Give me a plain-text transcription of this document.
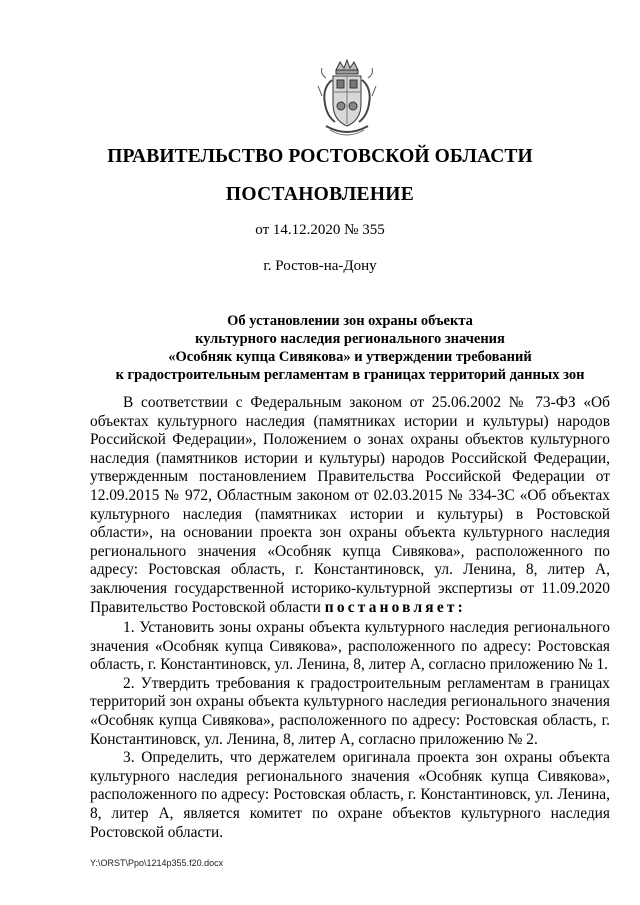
ПРАВИТЕЛЬСТВО РОСТОВСКОЙ ОБЛАСТИ
ПОСТАНОВЛЕНИЕ
от 14.12.2020 № 355
г. Ростов-на-Дону
Об установлении зон охраны объекта
культурного наследия регионального значения
«Особняк купца Сивякова» и утверждении требований
к градостроительным регламентам в границах территорий данных зон

В соответствии с Федеральным законом от 25.06.2002 № 73-ФЗ «Об объектах культурного наследия (памятниках истории и культуры) народов Российской Федерации», Положением о зонах охраны объектов культурного наследия (памятников истории и культуры) народов Российской Федерации, утвержденным постановлением Правительства Российской Федерации от 12.09.2015 № 972, Областным законом от 02.03.2015 № 334-ЗС «Об объектах культурного наследия (памятниках истории и культуры) в Ростовской области», на основании проекта зон охраны объекта культурного наследия регионального значения «Особняк купца Сивякова», расположенного по адресу: Ростовская область, г. Константиновск, ул. Ленина, 8, литер А, заключения государственной историко-культурной экспертизы от 11.09.2020 Правительство Ростовской области постановляет:

1. Установить зоны охраны объекта культурного наследия регионального значения «Особняк купца Сивякова», расположенного по адресу: Ростовская область, г. Константиновск, ул. Ленина, 8, литер А, согласно приложению № 1.

2. Утвердить требования к градостроительным регламентам в границах территорий зон охраны объекта культурного наследия регионального значения «Особняк купца Сивякова», расположенного по адресу: Ростовская область, г. Константиновск, ул. Ленина, 8, литер А, согласно приложению № 2.

3. Определить, что держателем оригинала проекта зон охраны объекта культурного наследия регионального значения «Особняк купца Сивякова», расположенного по адресу: Ростовская область, г. Константиновск, ул. Ленина, 8, литер А, является комитет по охране объектов культурного наследия Ростовской области.

Y:\ORST\Ppo\1214p355.f20.docx
